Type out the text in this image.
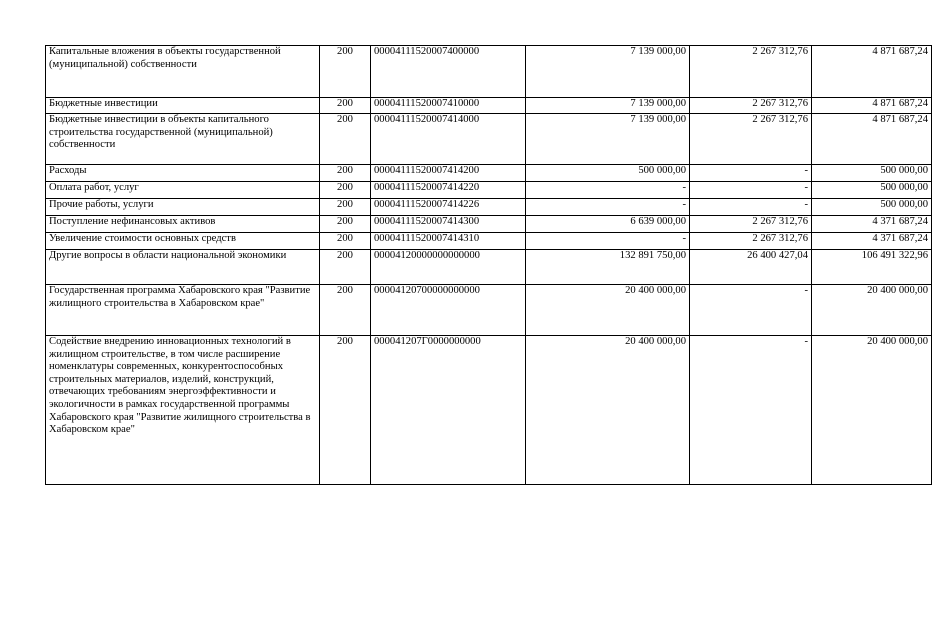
Капитальные вложения в объекты государственной (муниципальной) собственности	200	00004111520007400000	7 139 000,00	2 267 312,76	4 871 687,24
Бюджетные инвестиции	200	00004111520007410000	7 139 000,00	2 267 312,76	4 871 687,24
Бюджетные инвестиции в объекты капитального строительства государственной (муниципальной) собственности	200	00004111520007414000	7 139 000,00	2 267 312,76	4 871 687,24
Расходы	200	00004111520007414200	500 000,00	-	500 000,00
Оплата работ, услуг	200	00004111520007414220	-	-	500 000,00
Прочие работы, услуги	200	00004111520007414226	-	-	500 000,00
Поступление нефинансовых активов	200	00004111520007414300	6 639 000,00	2 267 312,76	4 371 687,24
Увеличение стоимости основных средств	200	00004111520007414310	-	2 267 312,76	4 371 687,24
Другие вопросы в области национальной экономики	200	00004120000000000000	132 891 750,00	26 400 427,04	106 491 322,96
Государственная программа Хабаровского края "Развитие жилищного строительства в Хабаровском крае"	200	00004120700000000000	20 400 000,00	-	20 400 000,00
Содействие внедрению инновационных технологий в жилищном строительстве, в том числе расширение номенклатуры современных, конкурентоспособных строительных материалов, изделий, конструкций, отвечающих требованиям энергоэффективности и экологичности в рамках государственной программы Хабаровского края "Развитие жилищного строительства в Хабаровском крае"	200	000041207Г0000000000	20 400 000,00	-	20 400 000,00
